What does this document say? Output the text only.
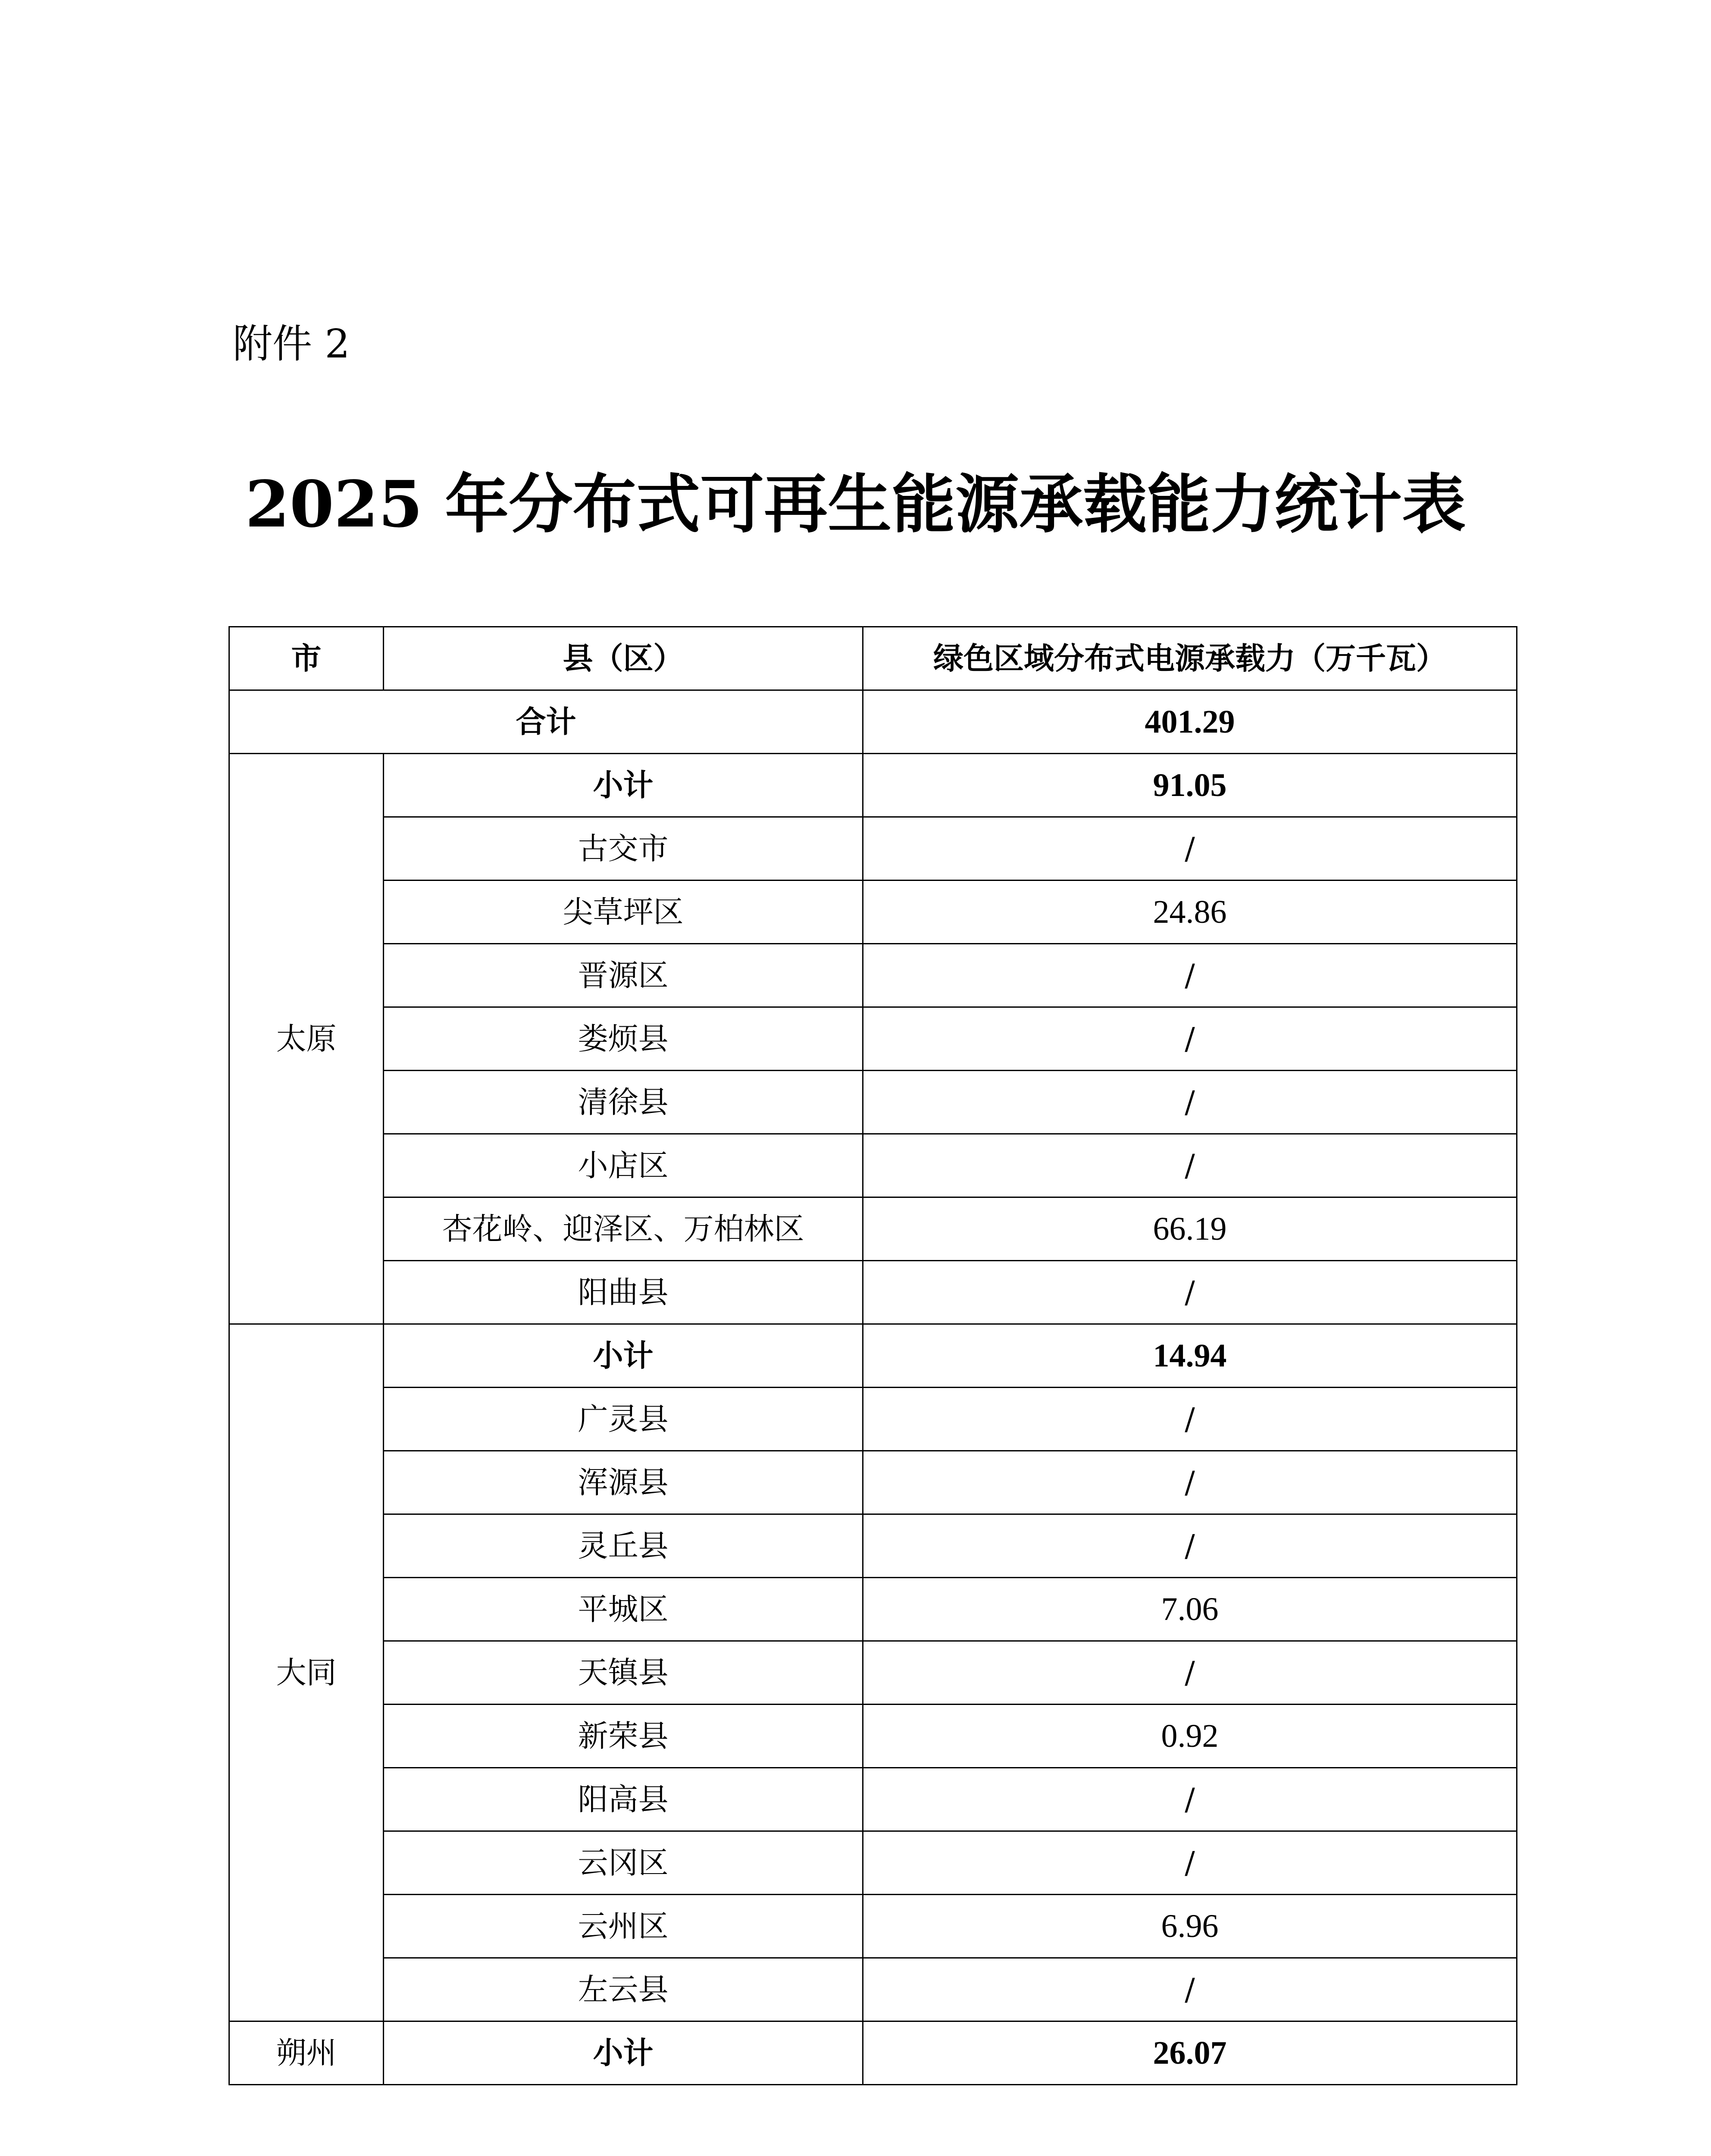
附件 2
2025 年分布式可再生能源承载能力统计表
市	县（区）	绿色区域分布式电源承载力（万千瓦）
合计		401.29
太原	小计	91.05
	古交市	/
	尖草坪区	24.86
	晋源区	/
	娄烦县	/
	清徐县	/
	小店区	/
	杏花岭、迎泽区、万柏林区	66.19
	阳曲县	/
大同	小计	14.94
	广灵县	/
	浑源县	/
	灵丘县	/
	平城区	7.06
	天镇县	/
	新荣县	0.92
	阳高县	/
	云冈区	/
	云州区	6.96
	左云县	/
朔州	小计	26.07
